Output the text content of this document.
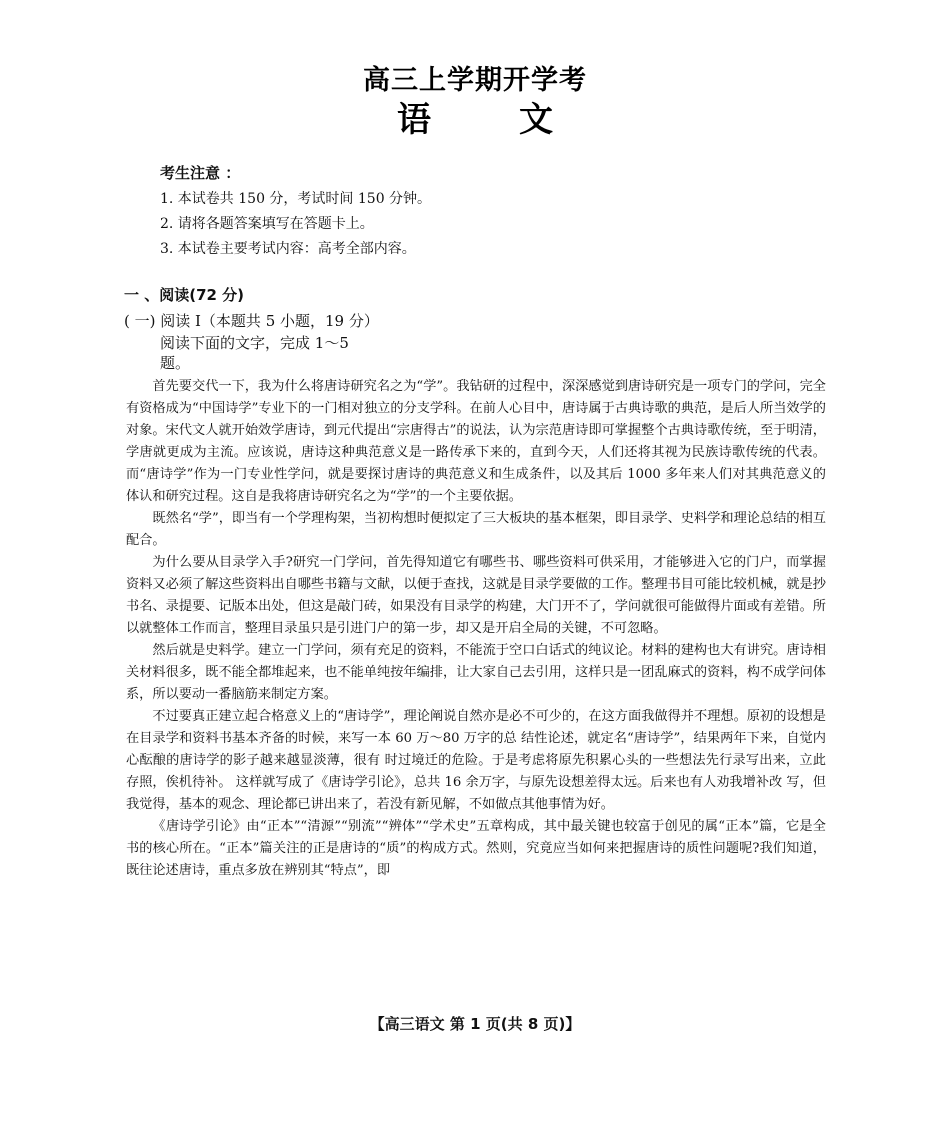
高三上学期开学考
语	文
考生注意 ：
1. 本试卷共 150 分，考试时间 150 分钟。
2. 请将各题答案填写在答题卡上。
3. 本试卷主要考试内容：高考全部内容。
一 、阅读(72 分)
( 一) 阅读 I（本题共 5 小题，19 分）
阅读下面的文字，完成 1～5
题。

首先要交代一下，我为什么将唐诗研究名之为“学”。我钻研的过程中，深深感觉到唐诗研究是一项专门的学问，完全有资格成为“中国诗学”专业下的一门相对独立的分支学科。在前人心目中，唐诗属于古典诗歌的典范，是后人所当效学的对象。宋代文人就开始效学唐诗，到元代提出“宗唐得古”的说法，认为宗范唐诗即可掌握整个古典诗歌传统，至于明清，学唐就更成为主流。应该说，唐诗这种典范意义是一路传承下来的，直到今天，人们还将其视为民族诗歌传统的代表。而“唐诗学”作为一门专业性学问，就是要探讨唐诗的典范意义和生成条件，以及其后 1000 多年来人们对其典范意义的体认和研究过程。这自是我将唐诗研究名之为“学”的一个主要依据。

既然名“学”，即当有一个学理构架，当初构想时便拟定了三大板块的基本框架，即目录学、史料学和理论总结的相互配合。

为什么要从目录学入手?研究一门学问，首先得知道它有哪些书、哪些资料可供采用，才能够进入它的门户，而掌握资料又必须了解这些资料出自哪些书籍与文献，以便于查找，这就是目录学要做的工作。整理书目可能比较机械，就是抄书名、录提要、记版本出处，但这是敲门砖，如果没有目录学的构建，大门开不了，学问就很可能做得片面或有差错。所以就整体工作而言，整理目录虽只是引进门户的第一步，却又是开启全局的关键，不可忽略。

然后就是史料学。建立一门学问，须有充足的资料，不能流于空口白话式的纯议论。材料的建构也大有讲究。唐诗相关材料很多，既不能全都堆起来，也不能单纯按年编排，让大家自己去引用，这样只是一团乱麻式的资料，构不成学问体系，所以要动一番脑筋来制定方案。

不过要真正建立起合格意义上的“唐诗学”，理论阐说自然亦是必不可少的，在这方面我做得并不理想。原初的设想是在目录学和资料书基本齐备的时候，来写一本 60 万～80 万字的总 结性论述，就定名“唐诗学”，结果两年下来，自觉内心酝酿的唐诗学的影子越来越显淡薄，很有 时过境迁的危险。于是考虑将原先积累心头的一些想法先行录写出来，立此存照，俟机待补。 这样就写成了《唐诗学引论》，总共 16 余万字，与原先设想差得太远。后来也有人劝我增补改 写，但我觉得，基本的观念、理论都已讲出来了，若没有新见解，不如做点其他事情为好。

《唐诗学引论》由“正本”“清源”“别流”“辨体”“学术史”五章构成，其中最关键也较富于创见的属“正本”篇，它是全书的核心所在。“正本”篇关注的正是唐诗的“质”的构成方式。然则，究竟应当如何来把握唐诗的质性问题呢?我们知道，既往论述唐诗，重点多放在辨别其“特点”，即

【高三语文 第 1 页(共 8 页)】
